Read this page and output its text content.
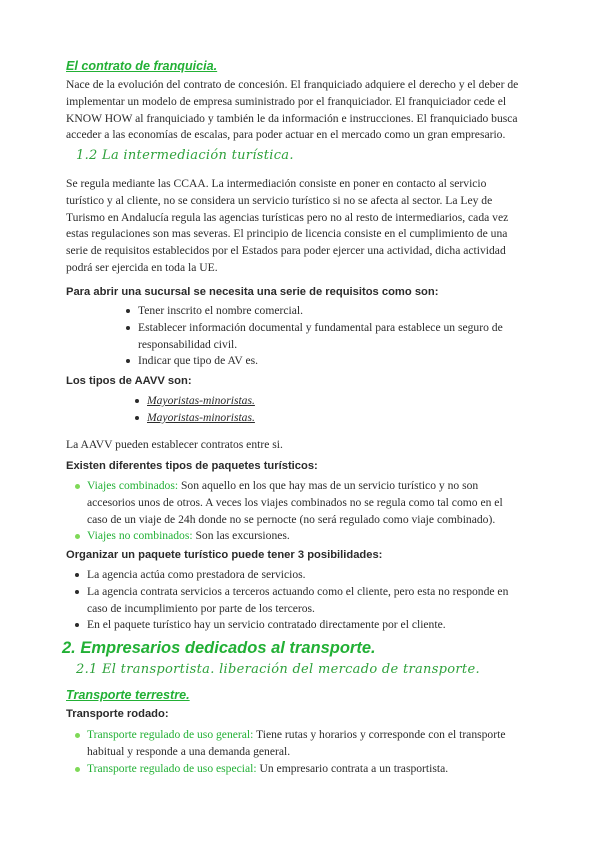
El contrato de franquicia.

Nace de la evolución del contrato de concesión. El franquiciado adquiere el derecho y el deber de

implementar un modelo de empresa suministrado por el franquiciador. El franquiciador cede el

KNOW HOW al franquiciado y también le da información e instrucciones. El franquiciado busca

acceder a las economías de escalas, para poder actuar en el mercado como un gran empresario.

1.2 La intermediación turística.

Se regula mediante las CCAA. La intermediación consiste en poner en contacto al servicio

turístico y al cliente, no se considera un servicio turístico si no se afecta al sector. La Ley de

Turismo en Andalucía regula las agencias turísticas pero no al resto de intermediarios, cada vez

estas regulaciones son mas severas. El principio de licencia consiste en el cumplimiento de una

serie de requisitos establecidos por el Estados para poder ejercer una actividad, dicha actividad

podrá ser ejercida en toda la UE.

Para abrir una sucursal se necesita una serie de requisitos como son:
Tener inscrito el nombre comercial.
Establecer información documental y fundamental para establece un seguro de
responsabilidad civil.
Indicar que tipo de AV es.
Los tipos de AAVV son:
Mayoristas-minoristas.
Mayoristas-minoristas.

La AAVV pueden establecer contratos entre si.

Existen diferentes tipos de paquetes turísticos:
Viajes combinados: Son aquello en los que hay mas de un servicio turístico y no son
accesorios unos de otros. A veces los viajes combinados no se regula como tal como en el
caso de un viaje de 24h donde no se pernocte (no será regulado como viaje combinado).
Viajes no combinados: Son las excursiones.
Organizar un paquete turístico puede tener 3 posibilidades:
La agencia actúa como prestadora de servicios.
La agencia contrata servicios a terceros actuando como el cliente, pero esta no responde en
caso de incumplimiento por parte de los terceros.
En el paquete turístico hay un servicio contratado directamente por el cliente.
2. Empresarios dedicados al transporte.
2.1 El transportista. liberación del mercado de transporte.
Transporte terrestre.
Transporte rodado:
Transporte regulado de uso general: Tiene rutas y horarios y corresponde con el transporte
habitual y responde a una demanda general.
Transporte regulado de uso especial: Un empresario contrata a un trasportista.
